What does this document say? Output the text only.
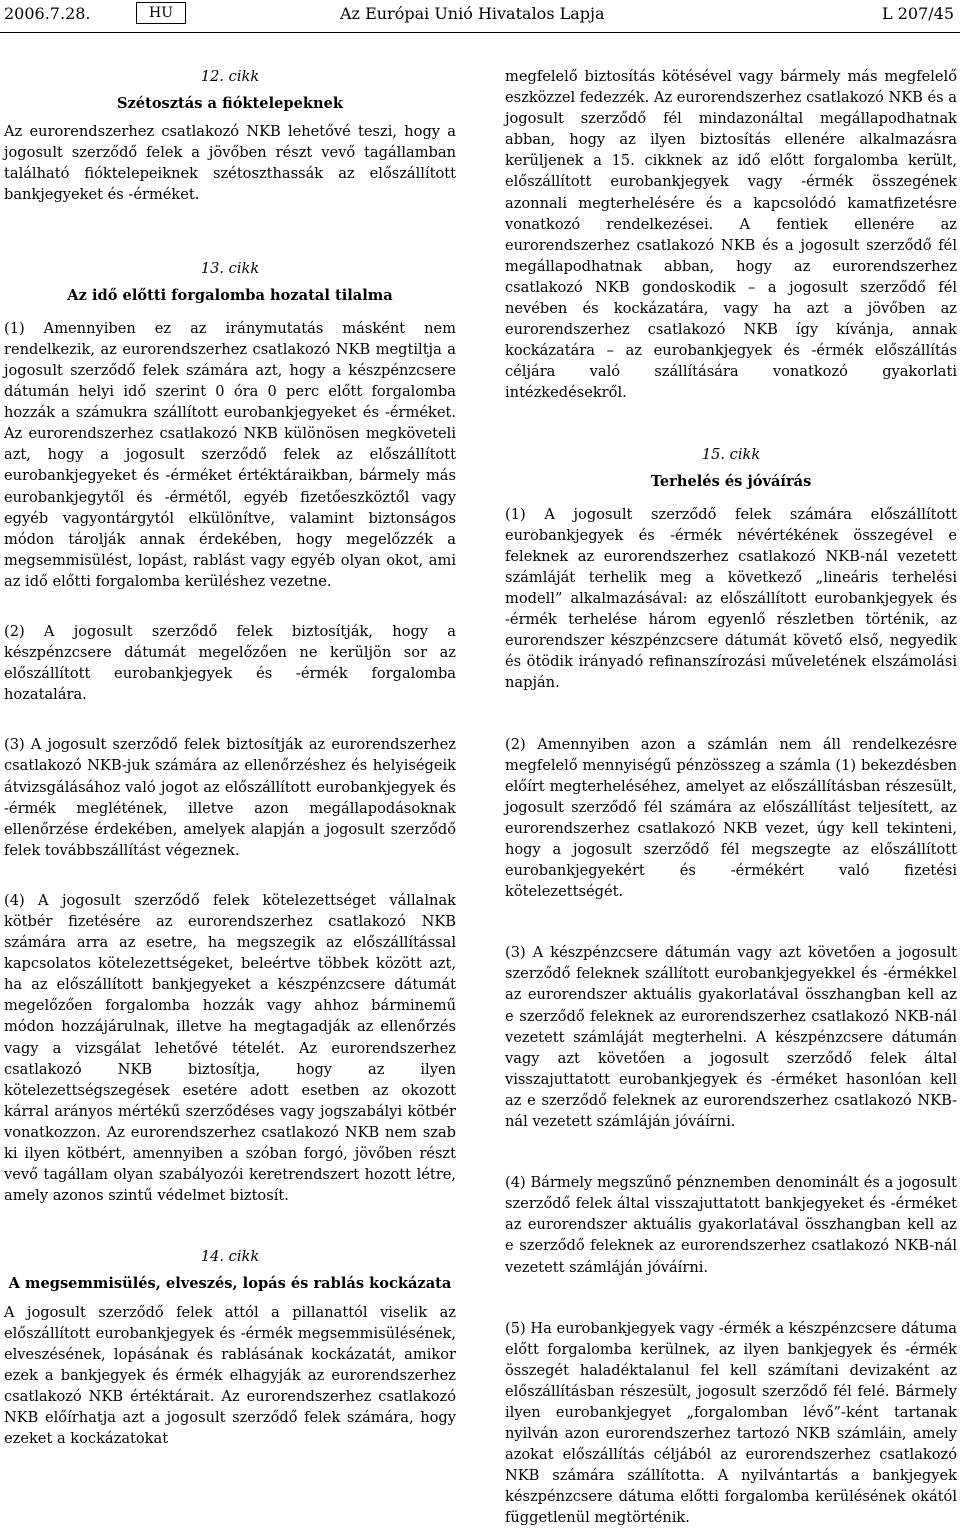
2006.7.28.	HU	Az Európai Unió Hivatalos Lapja	L 207/45

12. cikk

Szétosztás a fióktelepeknek

Az eurorendszerhez csatlakozó NKB lehetővé teszi, hogy a jogosult szerződő felek a jövőben részt vevő tagállamban található fióktelepeiknek szétoszthassák az előszállított bankjegyeket és -érméket.

13. cikk

Az idő előtti forgalomba hozatal tilalma

(1) Amennyiben ez az iránymutatás másként nem rendelkezik, az eurorendszerhez csatlakozó NKB megtiltja a jogosult szerződő felek számára azt, hogy a készpénzcsere dátumán helyi idő szerint 0 óra 0 perc előtt forgalomba hozzák a számukra szállított eurobankjegyeket és -érméket. Az eurorendszerhez csatlakozó NKB különösen megköveteli azt, hogy a jogosult szerződő felek az előszállított eurobankjegyeket és -érméket értéktáraikban, bármely más eurobankjegytől és -érmétől, egyéb fizetőeszköztől vagy egyéb vagyontárgytól elkülönítve, valamint biztonságos módon tárolják annak érdekében, hogy megelőzzék a megsemmisülést, lopást, rablást vagy egyéb olyan okot, ami az idő előtti forgalomba kerüléshez vezetne.

(2) A jogosult szerződő felek biztosítják, hogy a készpénzcsere dátumát megelőzően ne kerüljön sor az előszállított eurobankjegyek és -érmék forgalomba hozatalára.

(3) A jogosult szerződő felek biztosítják az eurorendszerhez csatlakozó NKB-juk számára az ellenőrzéshez és helyiségeik átvizsgálásához való jogot az előszállított eurobankjegyek és -érmék meglétének, illetve azon megállapodásoknak ellenőrzése érdekében, amelyek alapján a jogosult szerződő felek továbbszállítást végeznek.

(4) A jogosult szerződő felek kötelezettséget vállalnak kötbér fizetésére az eurorendszerhez csatlakozó NKB számára arra az esetre, ha megszegik az előszállítással kapcsolatos kötelezettségeket, beleértve többek között azt, ha az előszállított bankjegyeket a készpénzcsere dátumát megelőzően forgalomba hozzák vagy ahhoz bárminemű módon hozzájárulnak, illetve ha megtagadják az ellenőrzés vagy a vizsgálat lehetővé tételét. Az eurorendszerhez csatlakozó NKB biztosítja, hogy az ilyen kötelezettségszegések esetére adott esetben az okozott kárral arányos mértékű szerződéses vagy jogszabályi kötbér vonatkozzon. Az eurorendszerhez csatlakozó NKB nem szab ki ilyen kötbért, amennyiben a szóban forgó, jövőben részt vevő tagállam olyan szabályozói keretrendszert hozott létre, amely azonos szintű védelmet biztosít.

14. cikk

A megsemmisülés, elveszés, lopás és rablás kockázata

A jogosult szerződő felek attól a pillanattól viselik az előszállított eurobankjegyek és -érmék megsemmisülésének, elveszésének, lopásának és rablásának kockázatát, amikor ezek a bankjegyek és érmék elhagyják az eurorendszerhez csatlakozó NKB értéktárait. Az eurorendszerhez csatlakozó NKB előírhatja azt a jogosult szerződő felek számára, hogy ezeket a kockázatokat

megfelelő biztosítás kötésével vagy bármely más megfelelő eszközzel fedezzék. Az eurorendszerhez csatlakozó NKB és a jogosult szerződő fél mindazonáltal megállapodhatnak abban, hogy az ilyen biztosítás ellenére alkalmazásra kerüljenek a 15. cikknek az idő előtt forgalomba került, előszállított eurobankjegyek vagy -érmék összegének azonnali megterhelésére és a kapcsolódó kamatfizetésre vonatkozó rendelkezései. A fentiek ellenére az eurorendszerhez csatlakozó NKB és a jogosult szerződő fél megállapodhatnak abban, hogy az eurorendszerhez csatlakozó NKB gondoskodik – a jogosult szerződő fél nevében és kockázatára, vagy ha azt a jövőben az eurorendszerhez csatlakozó NKB így kívánja, annak kockázatára – az eurobankjegyek és -érmék előszállítás céljára való szállítására vonatkozó gyakorlati intézkedésekről.

15. cikk

Terhelés és jóváírás

(1) A jogosult szerződő felek számára előszállított eurobankjegyek és -érmék névértékének összegével e feleknek az eurorendszerhez csatlakozó NKB-nál vezetett számláját terhelik meg a következő „lineáris terhelési modell” alkalmazásával: az előszállított eurobankjegyek és -érmék terhelése három egyenlő részletben történik, az eurorendszer készpénzcsere dátumát követő első, negyedik és ötödik irányadó refinanszírozási műveletének elszámolási napján.

(2) Amennyiben azon a számlán nem áll rendelkezésre megfelelő mennyiségű pénzösszeg a számla (1) bekezdésben előírt megterheléséhez, amelyet az előszállításban részesült, jogosult szerződő fél számára az előszállítást teljesített, az eurorendszerhez csatlakozó NKB vezet, úgy kell tekinteni, hogy a jogosult szerződő fél megszegte az előszállított eurobankjegyekért és -érmékért való fizetési kötelezettségét.

(3) A készpénzcsere dátumán vagy azt követően a jogosult szerződő feleknek szállított eurobankjegyekkel és -érmékkel az eurorendszer aktuális gyakorlatával összhangban kell az e szerződő feleknek az eurorendszerhez csatlakozó NKB-nál vezetett számláját megterhelni. A készpénzcsere dátumán vagy azt követően a jogosult szerződő felek által visszajuttatott eurobankjegyek és -érméket hasonlóan kell az e szerződő feleknek az eurorendszerhez csatlakozó NKB-nál vezetett számláján jóváírni.

(4) Bármely megszűnő pénznemben denominált és a jogosult szerződő felek által visszajuttatott bankjegyeket és -érméket az eurorendszer aktuális gyakorlatával összhangban kell az e szerződő feleknek az eurorendszerhez csatlakozó NKB-nál vezetett számláján jóváírni.

(5) Ha eurobankjegyek vagy -érmék a készpénzcsere dátuma előtt forgalomba kerülnek, az ilyen bankjegyek és -érmék összegét haladéktalanul fel kell számítani devizaként az előszállításban részesült, jogosult szerződő fél felé. Bármely ilyen eurobankjegyet „forgalomban lévő”-ként tartanak nyilván azon eurorendszerhez tartozó NKB számláin, amely azokat előszállítás céljából az eurorendszerhez csatlakozó NKB számára szállította. A nyilvántartás a bankjegyek készpénzcsere dátuma előtti forgalomba kerülésének okától függetlenül megtörténik.
